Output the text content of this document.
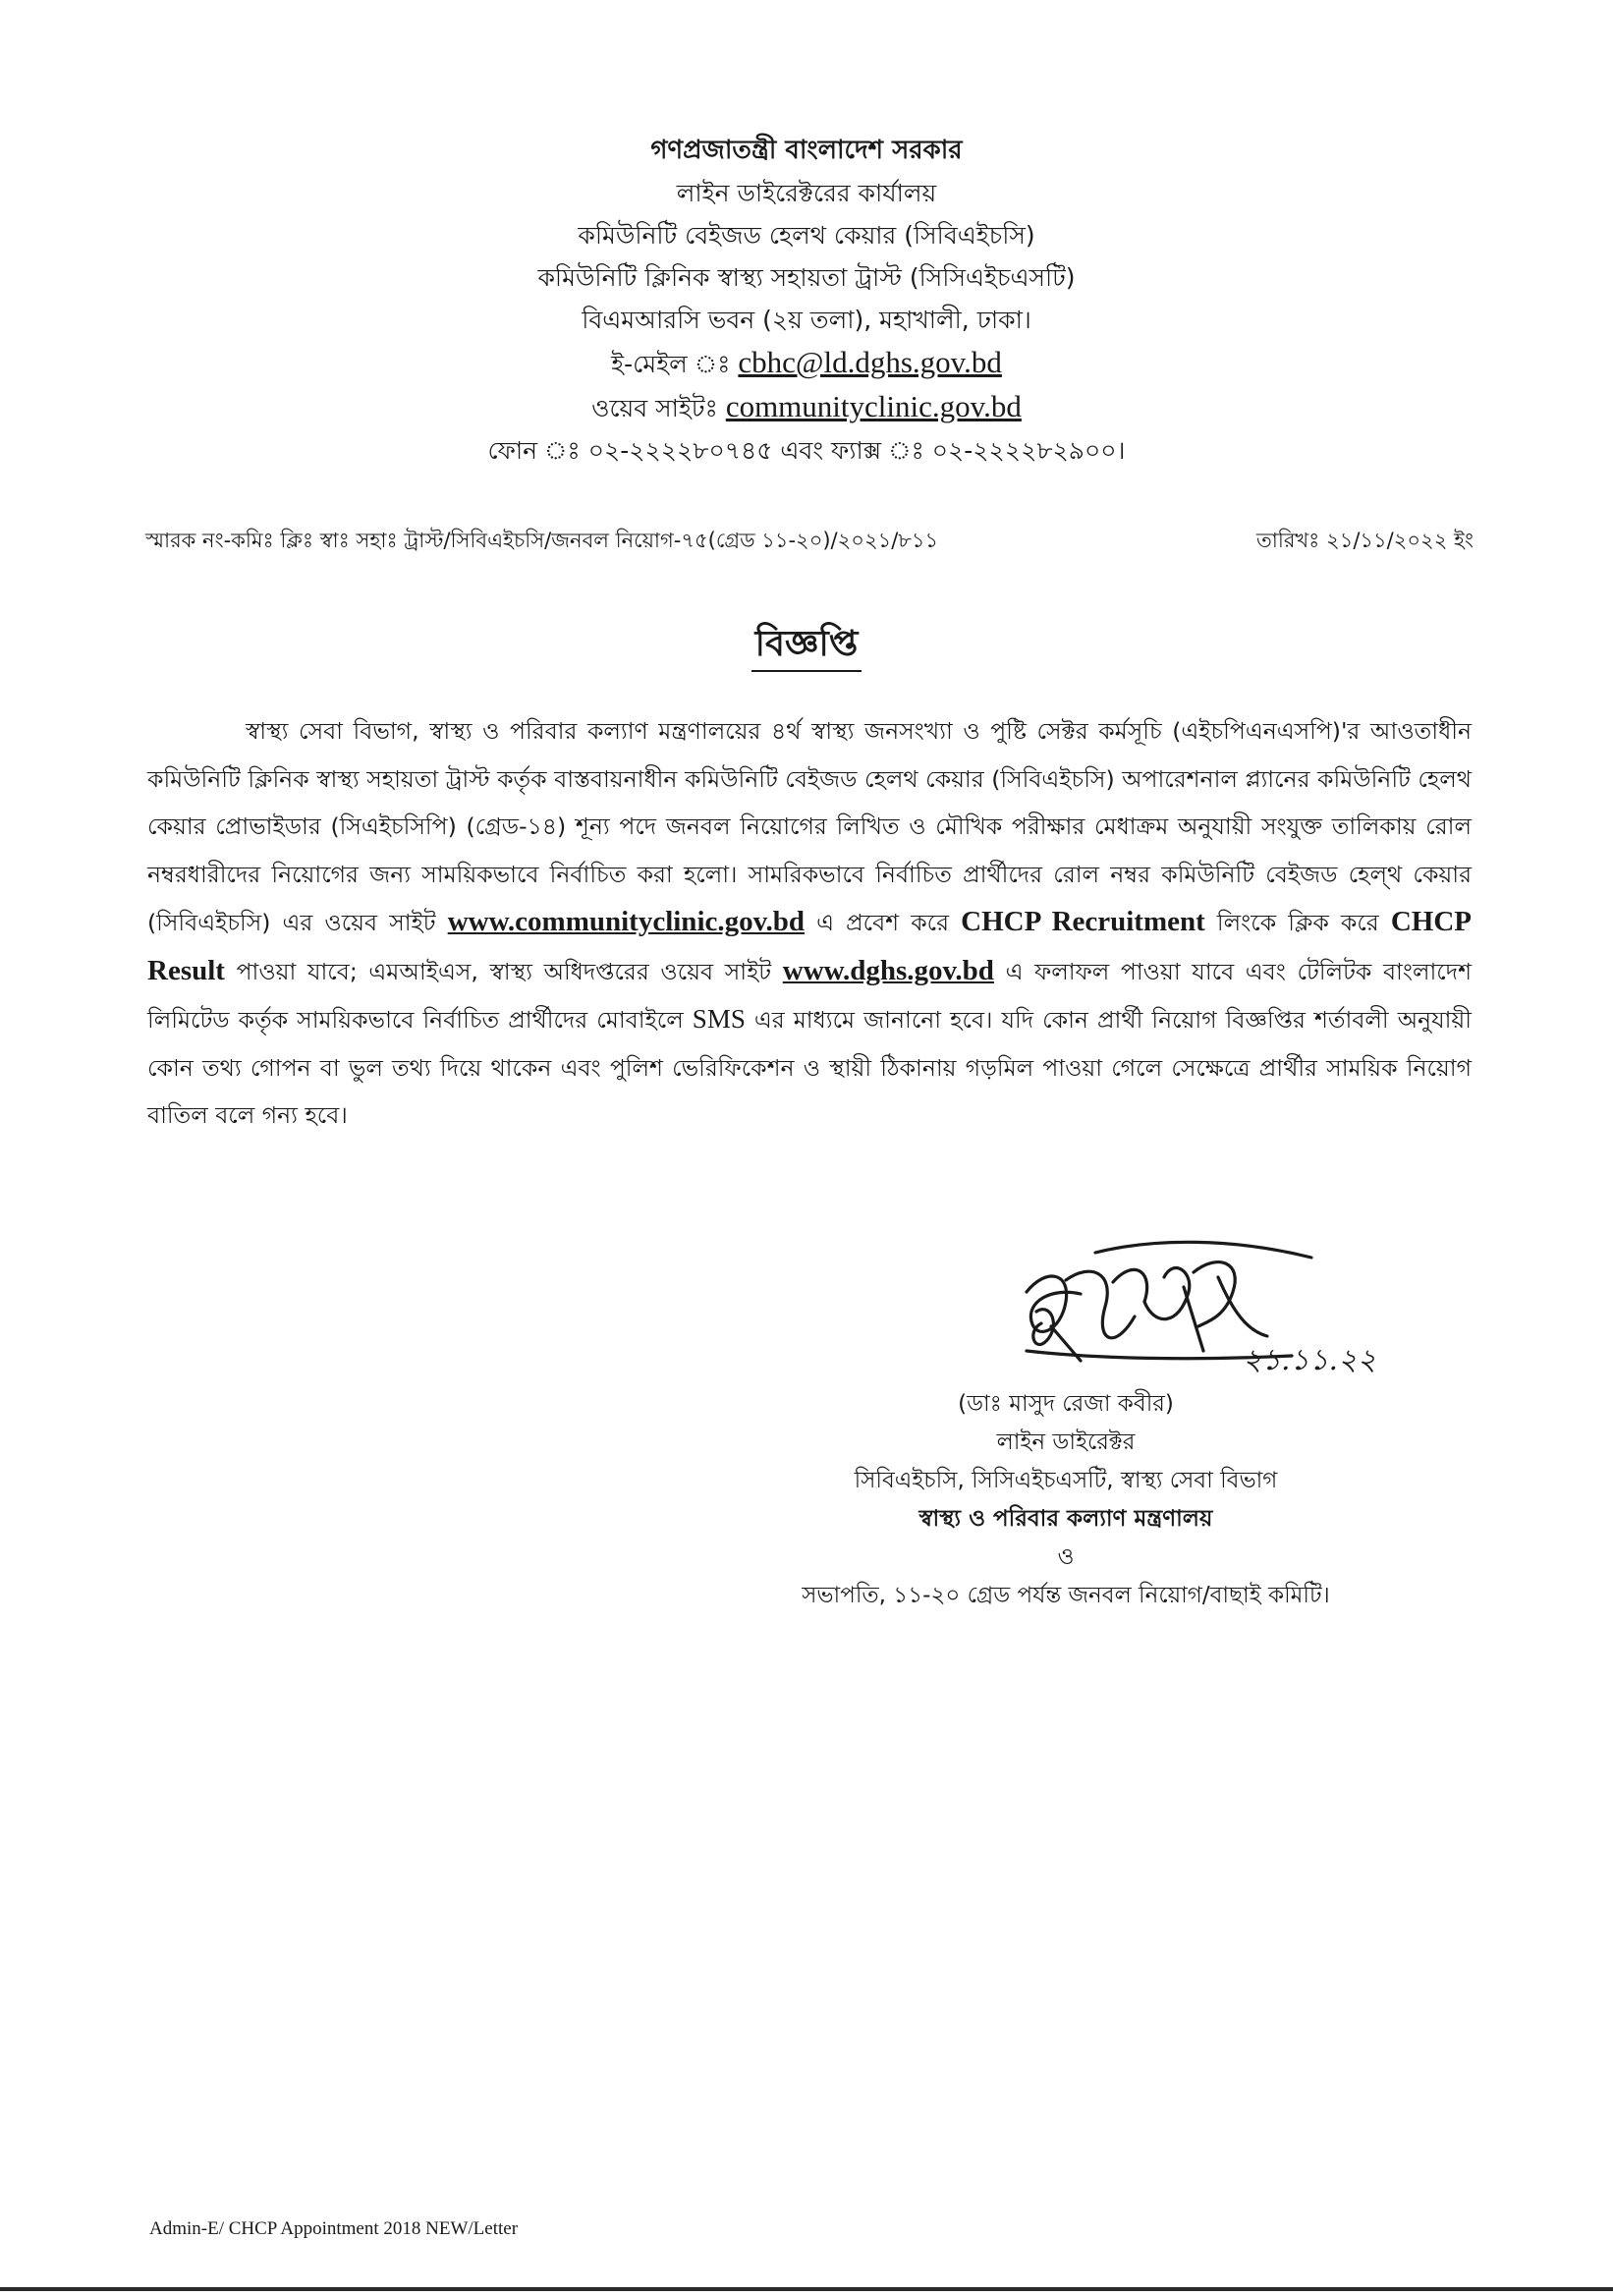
গণপ্রজাতন্ত্রী বাংলাদেশ সরকার
লাইন ডাইরেক্টরের কার্যালয়
কমিউনিটি বেইজড হেলথ কেয়ার (সিবিএইচসি)
কমিউনিটি ক্লিনিক স্বাস্থ্য সহায়তা ট্রাস্ট (সিসিএইচএসটি)
বিএমআরসি ভবন (২য় তলা), মহাখালী, ঢাকা।
ই-মেইল ঃ cbhc@ld.dghs.gov.bd
ওয়েব সাইটঃ communityclinic.gov.bd
ফোন ঃ ০২-২২২২৮০৭৪৫ এবং ফ্যাক্স ঃ ০২-২২২২৮২৯০০।
স্মারক নং-কমিঃ ক্লিঃ স্বাঃ সহাঃ ট্রাস্ট/সিবিএইচসি/জনবল নিয়োগ-৭৫(গ্রেড ১১-২০)/২০২১/৮১১	তারিখঃ ২১/১১/২০২২ ইং
বিজ্ঞপ্তি
স্বাস্থ্য সেবা বিভাগ, স্বাস্থ্য ও পরিবার কল্যাণ মন্ত্রণালয়ের ৪র্থ স্বাস্থ্য জনসংখ্যা ও পুষ্টি সেক্টর কর্মসূচি (এইচপিএনএসপি)'র আওতাধীন কমিউনিটি ক্লিনিক স্বাস্থ্য সহায়তা ট্রাস্ট কর্তৃক বাস্তবায়নাধীন কমিউনিটি বেইজড হেলথ কেয়ার (সিবিএইচসি) অপারেশনাল প্ল্যানের কমিউনিটি হেলথ কেয়ার প্রোভাইডার (সিএইচসিপি) (গ্রেড-১৪) শূন্য পদে জনবল নিয়োগের লিখিত ও মৌখিক পরীক্ষার মেধাক্রম অনুযায়ী সংযুক্ত তালিকায় রোল নম্বরধারীদের নিয়োগের জন্য সাময়িকভাবে নির্বাচিত করা হলো। সামরিকভাবে নির্বাচিত প্রার্থীদের রোল নম্বর কমিউনিটি বেইজড হেল্থ কেয়ার (সিবিএইচসি) এর ওয়েব সাইট www.communityclinic.gov.bd এ প্রবেশ করে CHCP Recruitment লিংকে ক্লিক করে CHCP Result পাওয়া যাবে; এমআইএস, স্বাস্থ্য অধিদপ্তরের ওয়েব সাইট www.dghs.gov.bd এ ফলাফল পাওয়া যাবে এবং টেলিটক বাংলাদেশ লিমিটেড কর্তৃক সাময়িকভাবে নির্বাচিত প্রার্থীদের মোবাইলে SMS এর মাধ্যমে জানানো হবে। যদি কোন প্রার্থী নিয়োগ বিজ্ঞপ্তির শর্তাবলী অনুযায়ী কোন তথ্য গোপন বা ভুল তথ্য দিয়ে থাকেন এবং পুলিশ ভেরিফিকেশন ও স্থায়ী ঠিকানায় গড়মিল পাওয়া গেলে সেক্ষেত্রে প্রার্থীর সাময়িক নিয়োগ বাতিল বলে গন্য হবে।
২১.১১.২২
(ডাঃ মাসুদ রেজা কবীর)
লাইন ডাইরেক্টর
সিবিএইচসি, সিসিএইচএসটি, স্বাস্থ্য সেবা বিভাগ
স্বাস্থ্য ও পরিবার কল্যাণ মন্ত্রণালয়
ও
সভাপতি, ১১-২০ গ্রেড পর্যন্ত জনবল নিয়োগ/বাছাই কমিটি।
Admin-E/ CHCP Appointment 2018 NEW/Letter
